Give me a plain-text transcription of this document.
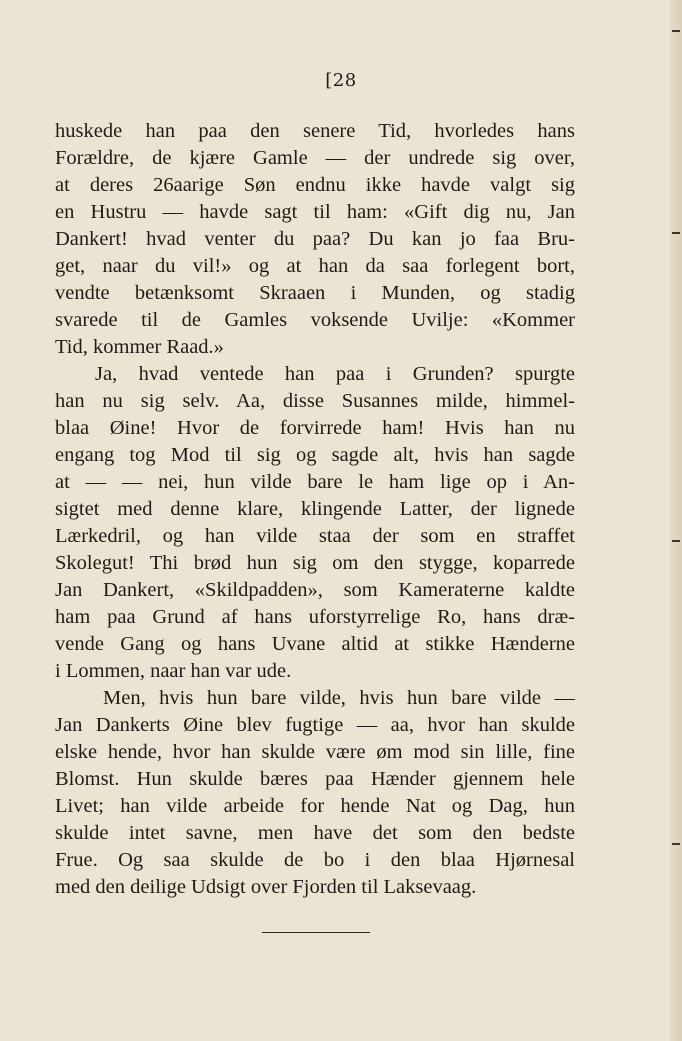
[28
huskede han paa den senere Tid, hvorledes hans
Forældre, de kjære Gamle — der undrede sig over,
at deres 26aarige Søn endnu ikke havde valgt sig
en Hustru — havde sagt til ham: «Gift dig nu, Jan
Dankert! hvad venter du paa? Du kan jo faa Bru-
get, naar du vil!» og at han da saa forlegent bort,
vendte betænksomt Skraaen i Munden, og stadig
svarede til de Gamles voksende Uvilje: «Kommer
Tid, kommer Raad.»
Ja, hvad ventede han paa i Grunden? spurgte
han nu sig selv. Aa, disse Susannes milde, himmel-
blaa Øine! Hvor de forvirrede ham! Hvis han nu
engang tog Mod til sig og sagde alt, hvis han sagde
at — — nei, hun vilde bare le ham lige op i An-
sigtet med denne klare, klingende Latter, der lignede
Lærkedril, og han vilde staa der som en straffet
Skolegut! Thi brød hun sig om den stygge, koparrede
Jan Dankert, «Skildpadden», som Kameraterne kaldte
ham paa Grund af hans uforstyrrelige Ro, hans dræ-
vende Gang og hans Uvane altid at stikke Hænderne
i Lommen, naar han var ude.
Men, hvis hun bare vilde, hvis hun bare vilde —
Jan Dankerts Øine blev fugtige — aa, hvor han skulde
elske hende, hvor han skulde være øm mod sin lille, fine
Blomst. Hun skulde bæres paa Hænder gjennem hele
Livet; han vilde arbeide for hende Nat og Dag, hun
skulde intet savne, men have det som den bedste
Frue. Og saa skulde de bo i den blaa Hjørnesal
med den deilige Udsigt over Fjorden til Laksevaag.
